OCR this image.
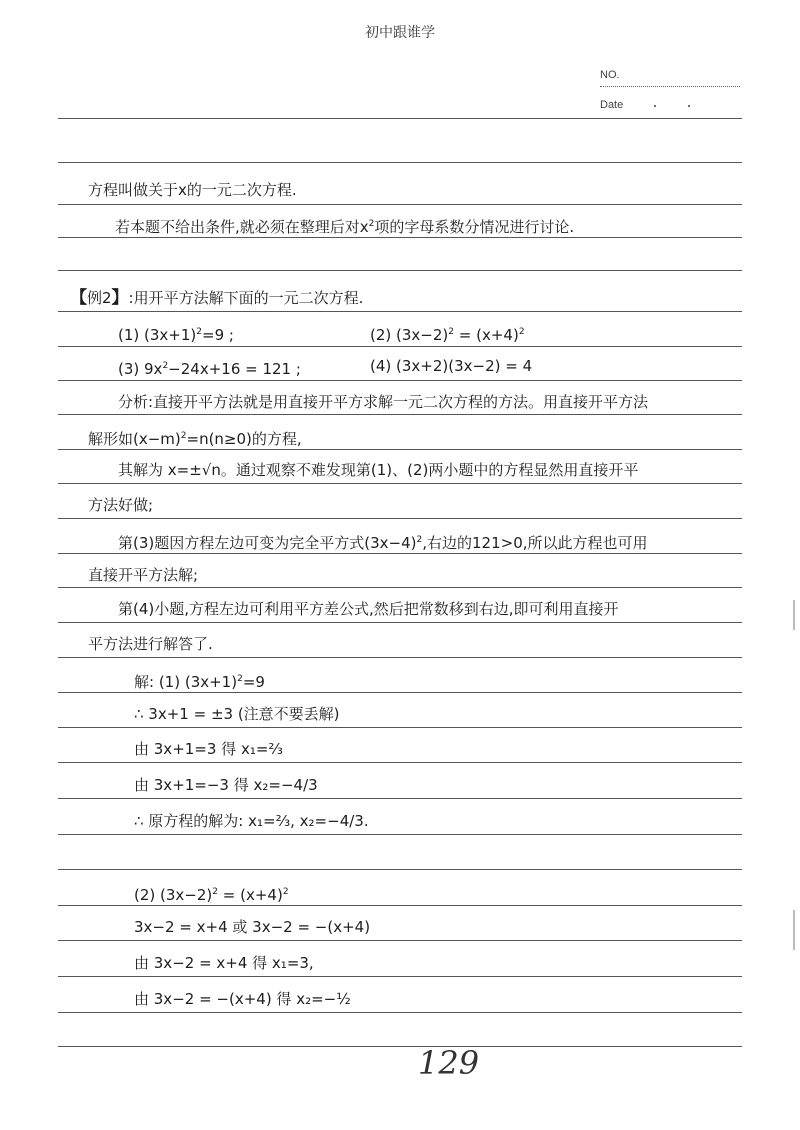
初中跟谁学
NO.
Date
方程叫做关于x的一元二次方程.
若本题不给出条件,就必须在整理后对$x^2$项的字母系数分情况进行讨论.
【例2】:用开平方法解下面的一元二次方程.
(1) $(3x+1)^2=9$ ;	(2) $(3x-2)^2 = (x+4)^2$
(3) $9x^2-24x+16 = 121$ ;	(4) (3x+2)(3x−2) = 4
分析:直接开平方法就是用直接开平方求解一元二次方程的方法。用直接开平方法
解形如$(x-m)^2=n(n\ge 0)$的方程,
其解为 x=±√n。通过观察不难发现第(1)、(2)两小题中的方程显然用直接开平
方法好做;
第(3)题因方程左边可变为完全平方式$(3x-4)^2$,右边的121>0,所以此方程也可用
直接开平方法解;
第(4)小题,方程左边可利用平方差公式,然后把常数移到右边,即可利用直接开
平方法进行解答了.
解: (1) $(3x+1)^2=9$
∴ 3x+1 = ±3 (注意不要丢解)
由 3x+1=3 得 x₁=⅔
由 3x+1=−3 得 x₂=−4/3
∴ 原方程的解为: x₁=⅔, x₂=−4/3.
(2) $(3x-2)^2 = (x+4)^2$
3x−2 = x+4 或 3x−2 = −(x+4)
由 3x−2 = x+4 得 x₁=3,
由 3x−2 = −(x+4) 得 x₂=−½
129
